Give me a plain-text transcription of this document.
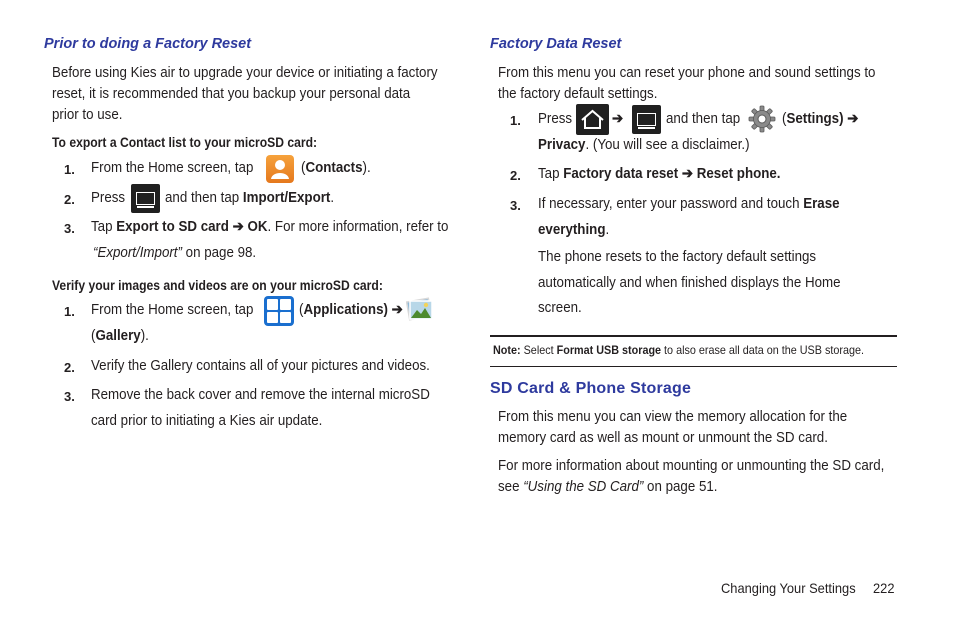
Prior to doing a Factory Reset
Before using Kies air to upgrade your device or initiating a factory
reset, it is recommended that you backup your personal data
prior to use.
To export a Contact list to your microSD card:
1. From the Home screen, tap	(Contacts).
2. Press	and then tap Import/Export.
3. Tap Export to SD card ➔ OK. For more information, refer to
“Export/Import” on page 98.
Verify your images and videos are on your microSD card:
1. From the Home screen, tap	(Applications) ➔
(Gallery).
2. Verify the Gallery contains all of your pictures and videos.
3. Remove the back cover and remove the internal microSD
card prior to initiating a Kies air update.
Factory Data Reset
From this menu you can reset your phone and sound settings to
the factory default settings.
1. Press	➔	and then tap	(Settings) ➔
Privacy. (You will see a disclaimer.)
2. Tap Factory data reset ➔ Reset phone.
3. If necessary, enter your password and touch Erase
everything.
The phone resets to the factory default settings
automatically and when finished displays the Home
screen.
Note: Select Format USB storage to also erase all data on the USB storage.
SD Card & Phone Storage
From this menu you can view the memory allocation for the
memory card as well as mount or unmount the SD card.
For more information about mounting or unmounting the SD card,
see “Using the SD Card” on page 51.
Changing Your Settings 222
